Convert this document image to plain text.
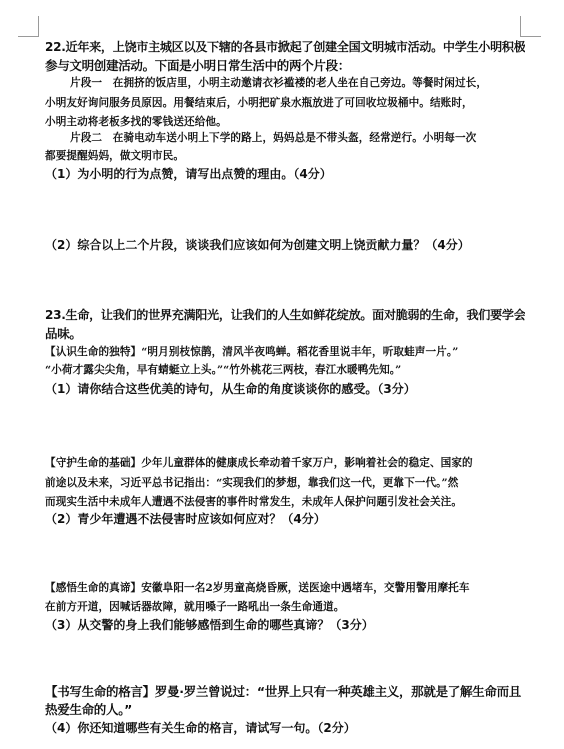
22.近年来，上饶市主城区以及下辖的各县市掀起了创建全国文明城市活动。中学生小明积极
参与文明创建活动。下面是小明日常生活中的两个片段：
片段一　在拥挤的饭店里，小明主动邀请衣衫褴褛的老人坐在自己旁边。等餐时闲过长，
小明友好询问服务员原因。用餐结束后，小明把矿泉水瓶放进了可回收垃圾桶中。结账时，
小明主动将老板多找的零钱送还给他。
片段二　在骑电动车送小明上下学的路上，妈妈总是不带头盔，经常逆行。小明每一次
都要提醒妈妈，做文明市民。
（1）为小明的行为点赞，请写出点赞的理由。（4分）
（2）综合以上二个片段，谈谈我们应该如何为创建文明上饶贡献力量？（4分）
23.生命，让我们的世界充满阳光，让我们的人生如鲜花绽放。面对脆弱的生命，我们要学会
品味。
【认识生命的独特】“明月别枝惊鹊，清风半夜鸣蝉。稻花香里说丰年，听取蛙声一片。”
“小荷才露尖尖角，早有蜻蜓立上头。”“竹外桃花三两枝，春江水暖鸭先知。”
（1）请你结合这些优美的诗句，从生命的角度谈谈你的感受。（3分）
【守护生命的基础】少年儿童群体的健康成长牵动着千家万户，影响着社会的稳定、国家的
前途以及未来，习近平总书记指出：“实现我们的梦想，靠我们这一代，更靠下一代。”然
而现实生活中未成年人遭遇不法侵害的事件时常发生，未成年人保护问题引发社会关注。
（2）青少年遭遇不法侵害时应该如何应对？（4分）
【感悟生命的真谛】安徽阜阳一名2岁男童高烧昏厥，送医途中遇堵车，交警用警用摩托车
在前方开道，因喊话器故障，就用嗓子一路吼出一条生命通道。
（3）从交警的身上我们能够感悟到生命的哪些真谛？（3分）
【书写生命的格言】罗曼·罗兰曾说过：“世界上只有一种英雄主义，那就是了解生命而且
热爱生命的人。”
（4）你还知道哪些有关生命的格言，请试写一句。（2分）
